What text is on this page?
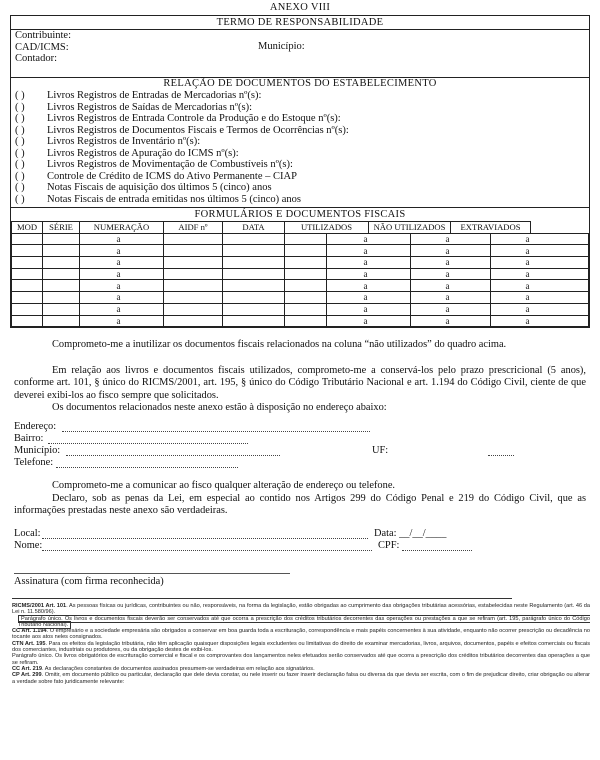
ANEXO VIII
TERMO DE RESPONSABILIDADE
Contribuinte:
CAD/ICMS:	Município:
Contador:
RELAÇÃO DE DOCUMENTOS DO ESTABELECIMENTO
( )	Livros Registros de Entradas de Mercadorias nº(s):
( )	Livros Registros de Saídas de Mercadorias nº(s):
( )	Livros Registros de Entrada Controle da Produção e do Estoque nº(s):
( )	Livros Registros de Documentos Fiscais e Termos de Ocorrências nº(s):
( )	Livros Registros de Inventário nº(s):
( )	Livros Registros de Apuração do ICMS nº(s):
( )	Livros Registros de Movimentação de Combustíveis nº(s):
( )	Controle de Crédito de ICMS do Ativo Permanente – CIAP
( )	Notas Fiscais de aquisição dos últimos 5 (cinco) anos
( )	Notas Fiscais de entrada emitidas nos últimos 5 (cinco) anos
FORMULÁRIOS E DOCUMENTOS FISCAIS
MOD	SÉRIE	NUMERAÇÃO		AIDF nº	DATA	UTILIZADOS		NÃO UTILIZADOS		EXTRAVIADOS		
		a					a		a		a	
		a					a		a		a	
		a					a		a		a	
		a					a		a		a	
		a					a		a		a	
		a					a		a		a	
		a					a		a		a	
		a					a		a		a	
Comprometo-me a inutilizar os documentos fiscais relacionados na coluna “não utilizados” do quadro acima.
Em relação aos livros e documentos fiscais utilizados, comprometo-me a conservá-los pelo prazo prescricional (5 anos), conforme art. 101, § único do RICMS/2001, art. 195, § único do Código Tributário Nacional e art. 1.194 do Código Civil, ciente de que deverei exibi-los ao fisco sempre que solicitados.
Os documentos relacionados neste anexo estão à disposição no endereço abaixo:
Endereço:
Bairro:
Município:	UF:
Telefone:
Comprometo-me a comunicar ao fisco qualquer alteração de endereço ou telefone.
Declaro, sob as penas da Lei, em especial ao contido nos Artigos 299 do Código Penal e 219 do Código Civil, que as informações prestadas neste anexo são verdadeiras.
Local:	Data: __/__/____
Nome:	CPF:
Assinatura (com firma reconhecida)
RICMS/2001 Art. 101. As pessoas físicas ou jurídicas, contribuintes ou não, responsáveis, na forma da legislação, estão obrigadas ao cumprimento das obrigações tributárias acessórias, estabelecidas neste Regulamento (art. 46 da Lei n. 11.580/96).
Parágrafo único. Os livros e documentos fiscais deverão ser conservados até que ocorra a prescrição dos créditos tributários decorrentes das operações ou prestações a que se refiram (art. 195, parágrafo único do Código Tributário Nacional).
CC Art. 1.194. O empresário e a sociedade empresária são obrigados a conservar em boa guarda toda a escrituração, correspondência e mais papéis concernentes à sua atividade, enquanto não ocorrer prescrição ou decadência no tocante aos atos neles consignados.
CTN Art. 195. Para os efeitos da legislação tributária, não têm aplicação quaisquer disposições legais excludentes ou limitativas do direito de examinar mercadorias, livros, arquivos, documentos, papéis e efeitos comerciais ou fiscais dos comerciantes, industriais ou produtores, ou da obrigação destes de exibi-los.
Parágrafo único. Os livros obrigatórios de escrituração comercial e fiscal e os comprovantes dos lançamentos neles efetuados serão conservados até que ocorra a prescrição dos créditos tributários decorrentes das operações a que se refiram.
CC Art. 219. As declarações constantes de documentos assinados presumem-se verdadeiras em relação aos signatários.
CP Art. 299. Omitir, em documento público ou particular, declaração que dele devia constar, ou nele inserir ou fazer inserir declaração falsa ou diversa da que devia ser escrita, com o fim de prejudicar direito, criar obrigação ou alterar a verdade sobre fato juridicamente relevante:
